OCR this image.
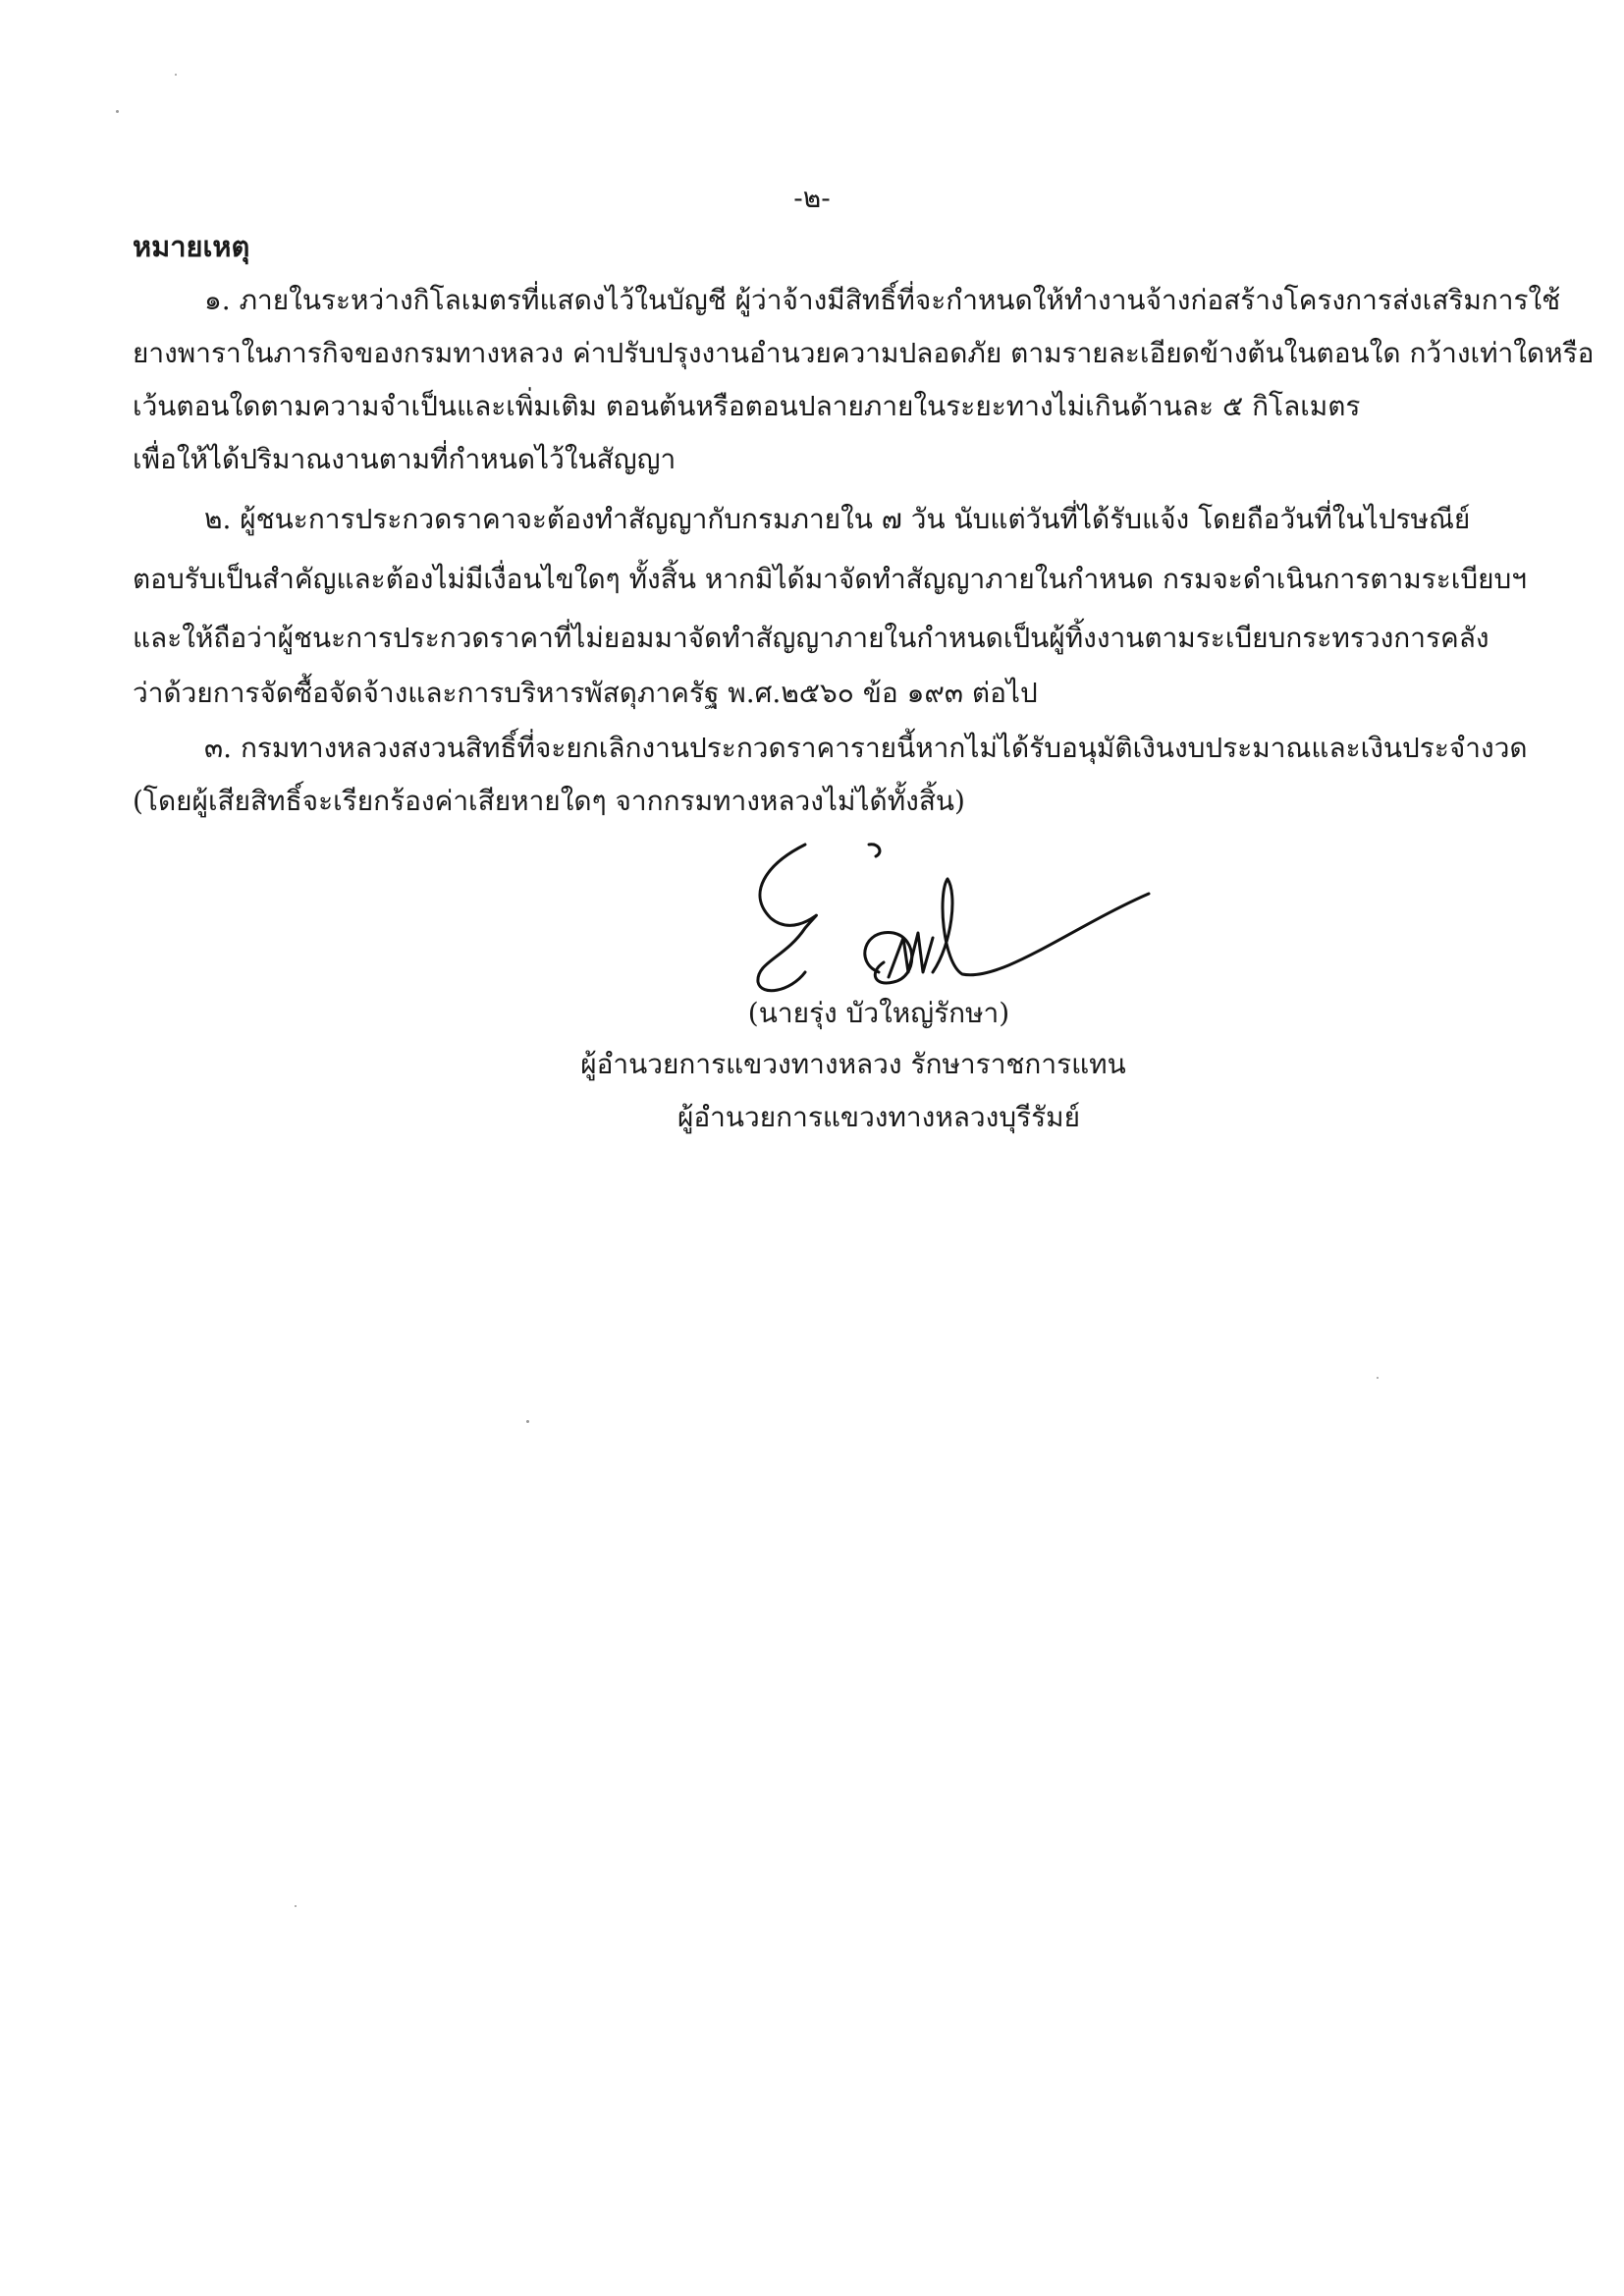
-๒-
หมายเหตุ
๑. ภายในระหว่างกิโลเมตรที่แสดงไว้ในบัญชี ผู้ว่าจ้างมีสิทธิ์ที่จะกำหนดให้ทำงานจ้างก่อสร้างโครงการส่งเสริมการใช้
ยางพาราในภารกิจของกรมทางหลวง ค่าปรับปรุงงานอำนวยความปลอดภัย ตามรายละเอียดข้างต้นในตอนใด กว้างเท่าใดหรือ
เว้นตอนใดตามความจำเป็นและเพิ่มเติม ตอนต้นหรือตอนปลายภายในระยะทางไม่เกินด้านละ ๕ กิโลเมตร
เพื่อให้ได้ปริมาณงานตามที่กำหนดไว้ในสัญญา
๒. ผู้ชนะการประกวดราคาจะต้องทำสัญญากับกรมภายใน ๗ วัน นับแต่วันที่ได้รับแจ้ง โดยถือวันที่ในไปรษณีย์
ตอบรับเป็นสำคัญและต้องไม่มีเงื่อนไขใดๆ ทั้งสิ้น หากมิได้มาจัดทำสัญญาภายในกำหนด กรมจะดำเนินการตามระเบียบฯ
และให้ถือว่าผู้ชนะการประกวดราคาที่ไม่ยอมมาจัดทำสัญญาภายในกำหนดเป็นผู้ทิ้งงานตามระเบียบกระทรวงการคลัง
ว่าด้วยการจัดซื้อจัดจ้างและการบริหารพัสดุภาครัฐ พ.ศ.๒๕๖๐ ข้อ ๑๙๓ ต่อไป
๓. กรมทางหลวงสงวนสิทธิ์ที่จะยกเลิกงานประกวดราคารายนี้หากไม่ได้รับอนุมัติเงินงบประมาณและเงินประจำงวด
(โดยผู้เสียสิทธิ์จะเรียกร้องค่าเสียหายใดๆ จากกรมทางหลวงไม่ได้ทั้งสิ้น)
(นายรุ่ง บัวใหญ่รักษา)
ผู้อำนวยการแขวงทางหลวง รักษาราชการแทน
ผู้อำนวยการแขวงทางหลวงบุรีรัมย์
